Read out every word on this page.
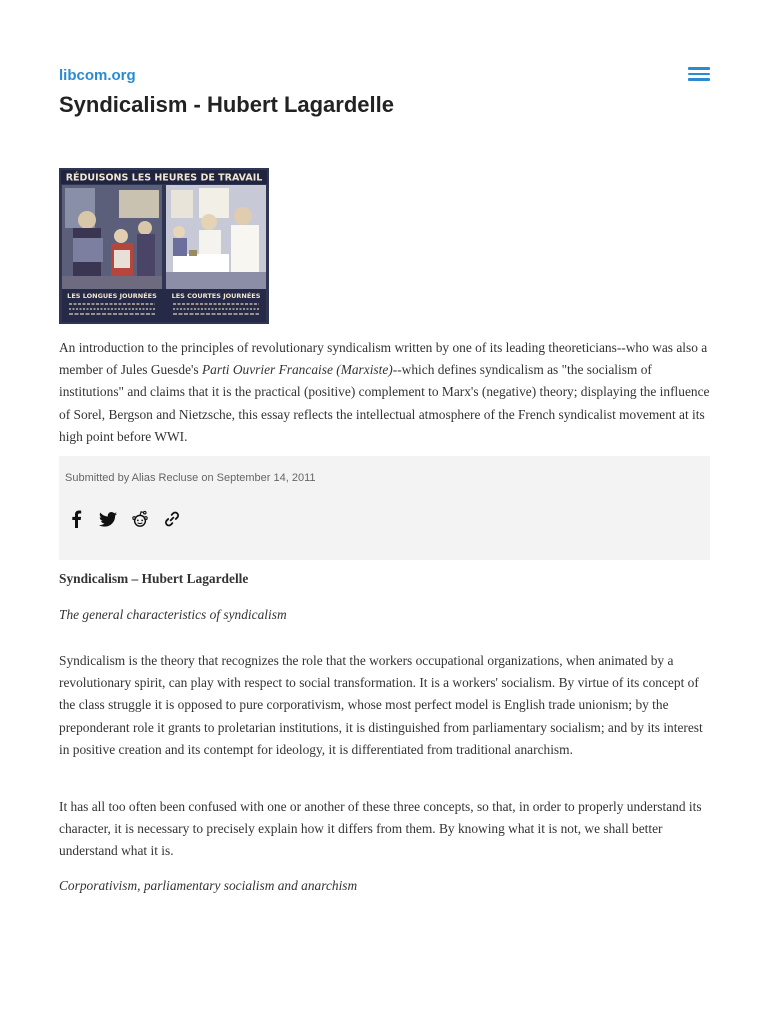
libcom.org
Syndicalism - Hubert Lagardelle
RÉDUISONS LES HEURES DE TRAVAIL
LES LONGUES JOURNÉES LES COURTES JOURNÉES

An introduction to the principles of revolutionary syndicalism written by one of its leading theoreticians--who was also a member of Jules Guesde's Parti Ouvrier Francaise (Marxiste)--which defines syndicalism as "the socialism of institutions" and claims that it is the practical (positive) complement to Marx's (negative) theory; displaying the influence of Sorel, Bergson and Nietzsche, this essay reflects the intellectual atmosphere of the French syndicalist movement at its high point before WWI.

Submitted by Alias Recluse on September 14, 2011

Syndicalism – Hubert Lagardelle

The general characteristics of syndicalism

Syndicalism is the theory that recognizes the role that the workers occupational organizations, when animated by a revolutionary spirit, can play with respect to social transformation. It is a workers' socialism. By virtue of its concept of the class struggle it is opposed to pure corporativism, whose most perfect model is English trade unionism; by the preponderant role it grants to proletarian institutions, it is distinguished from parliamentary socialism; and by its interest in positive creation and its contempt for ideology, it is differentiated from traditional anarchism.

It has all too often been confused with one or another of these three concepts, so that, in order to properly understand its character, it is necessary to precisely explain how it differs from them. By knowing what it is not, we shall better understand what it is.

Corporativism, parliamentary socialism and anarchism
